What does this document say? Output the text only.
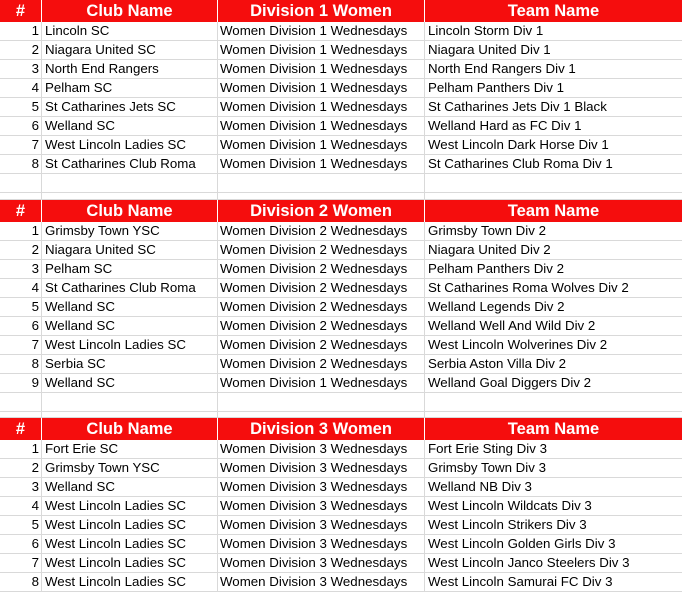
#	Club Name	Division 1 Women	Team Name
1 Lincoln SC	Women Division 1 Wednesdays	Lincoln Storm Div 1
2 Niagara United SC	Women Division 1 Wednesdays	Niagara United Div 1
3 North End Rangers	Women Division 1 Wednesdays	North End Rangers Div 1
4 Pelham SC	Women Division 1 Wednesdays	Pelham Panthers Div 1
5 St Catharines Jets SC	Women Division 1 Wednesdays	St Catharines Jets Div 1 Black
6 Welland SC	Women Division 1 Wednesdays	Welland Hard as FC Div 1
7 West Lincoln Ladies SC	Women Division 1 Wednesdays	West Lincoln Dark Horse Div 1
8 St Catharines Club Roma	Women Division 1 Wednesdays	St Catharines Club Roma Div 1
#	Club Name	Division 2 Women	Team Name
1 Grimsby Town YSC	Women Division 2 Wednesdays	Grimsby Town Div 2
2 Niagara United SC	Women Division 2 Wednesdays	Niagara United Div 2
3 Pelham SC	Women Division 2 Wednesdays	Pelham Panthers Div 2
4 St Catharines Club Roma	Women Division 2 Wednesdays	St Catharines Roma Wolves Div 2
5 Welland SC	Women Division 2 Wednesdays	Welland Legends Div 2
6 Welland SC	Women Division 2 Wednesdays	Welland Well And Wild Div 2
7 West Lincoln Ladies SC	Women Division 2 Wednesdays	West Lincoln Wolverines Div 2
8 Serbia SC	Women Division 2 Wednesdays	Serbia Aston Villa Div 2
9 Welland SC	Women Division 1 Wednesdays	Welland Goal Diggers Div 2
#	Club Name	Division 3 Women	Team Name
1 Fort Erie SC	Women Division 3 Wednesdays	Fort Erie Sting Div 3
2 Grimsby Town YSC	Women Division 3 Wednesdays	Grimsby Town Div 3
3 Welland SC	Women Division 3 Wednesdays	Welland NB Div 3
4 West Lincoln Ladies SC	Women Division 3 Wednesdays	West Lincoln Wildcats Div 3
5 West Lincoln Ladies SC	Women Division 3 Wednesdays	West Lincoln Strikers Div 3
6 West Lincoln Ladies SC	Women Division 3 Wednesdays	West Lincoln Golden Girls Div 3
7 West Lincoln Ladies SC	Women Division 3 Wednesdays	West Lincoln Janco Steelers Div 3
8 West Lincoln Ladies SC	Women Division 3 Wednesdays	West Lincoln Samurai FC Div 3
